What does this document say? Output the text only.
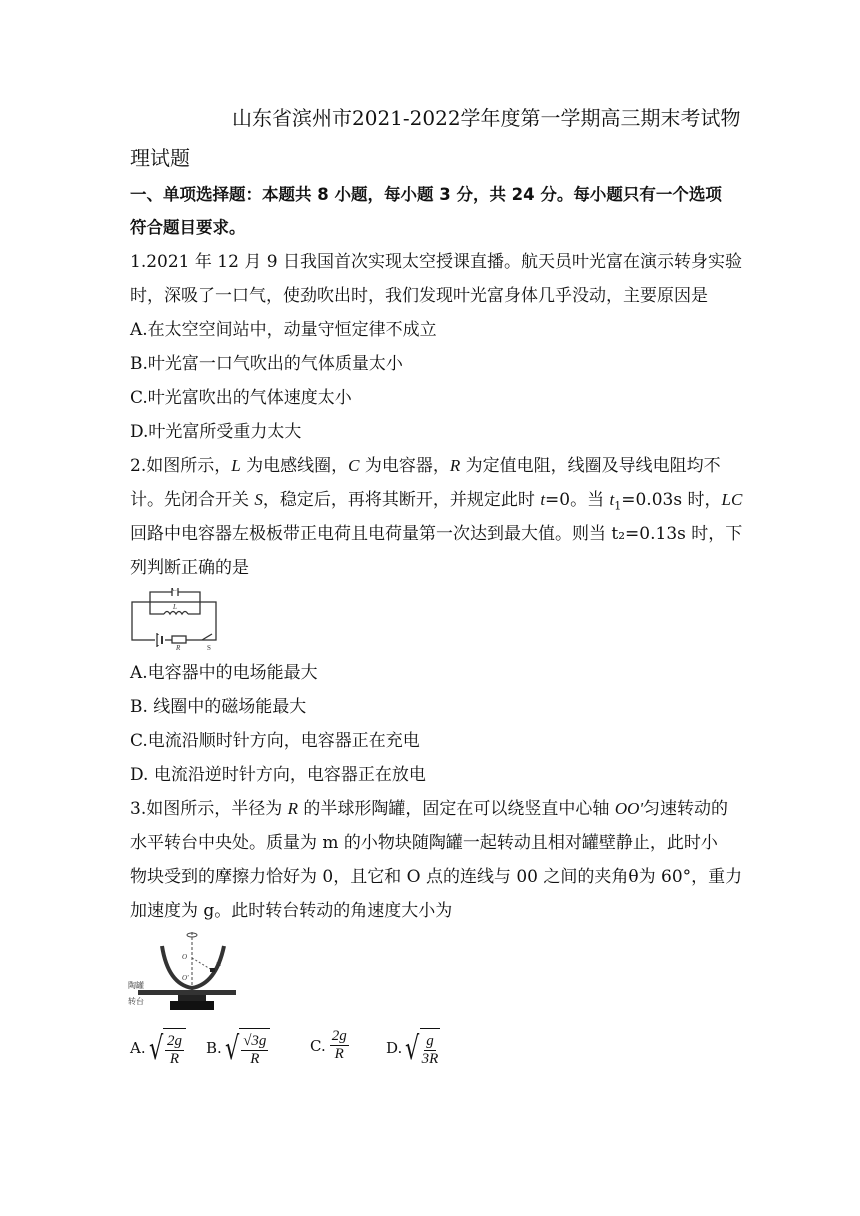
山东省滨州市2021-2022学年度第一学期高三期末考试物
理试题
一、单项选择题：本题共 8 小题，每小题 3 分，共 24 分。每小题只有一个选项
符合题目要求。
1.2021 年 12 月 9 日我国首次实现太空授课直播。航天员叶光富在演示转身实验
时，深吸了一口气，使劲吹出时，我们发现叶光富身体几乎没动，主要原因是
A.在太空空间站中，动量守恒定律不成立
B.叶光富一口气吹出的气体质量太小
C.叶光富吹出的气体速度太小
D.叶光富所受重力太大
2.如图所示，L 为电感线圈，C 为电容器，R 为定值电阻，线圈及导线电阻均不
计。先闭合开关 S，稳定后，再将其断开，并规定此时 t=0。当 $t_1=0.03s$ 时，LC
回路中电容器左极板带正电荷且电荷量第一次达到最大值。则当 t₂=0.13s 时，下
列判断正确的是
C
L
R	S
A.电容器中的电场能最大
B. 线圈中的磁场能最大
C.电流沿顺时针方向，电容器正在充电
D. 电流沿逆时针方向，电容器正在放电
3.如图所示，半径为 R 的半球形陶罐，固定在可以绕竖直中心轴 OO'匀速转动的
水平转台中央处。质量为 m 的小物块随陶罐一起转动且相对罐壁静止，此时小
物块受到的摩擦力恰好为 0，且它和 O 点的连线与 00 之间的夹角θ为 60°，重力
加速度为 g。此时转台转动的角速度大小为
O
O'
m
陶罐
转台
A. √ $\frac{2g}{R} B$. √ $\frac{√3g}{R}$	C. $\frac{2g}{R} D$. √ $\frac{g}{3R}$
